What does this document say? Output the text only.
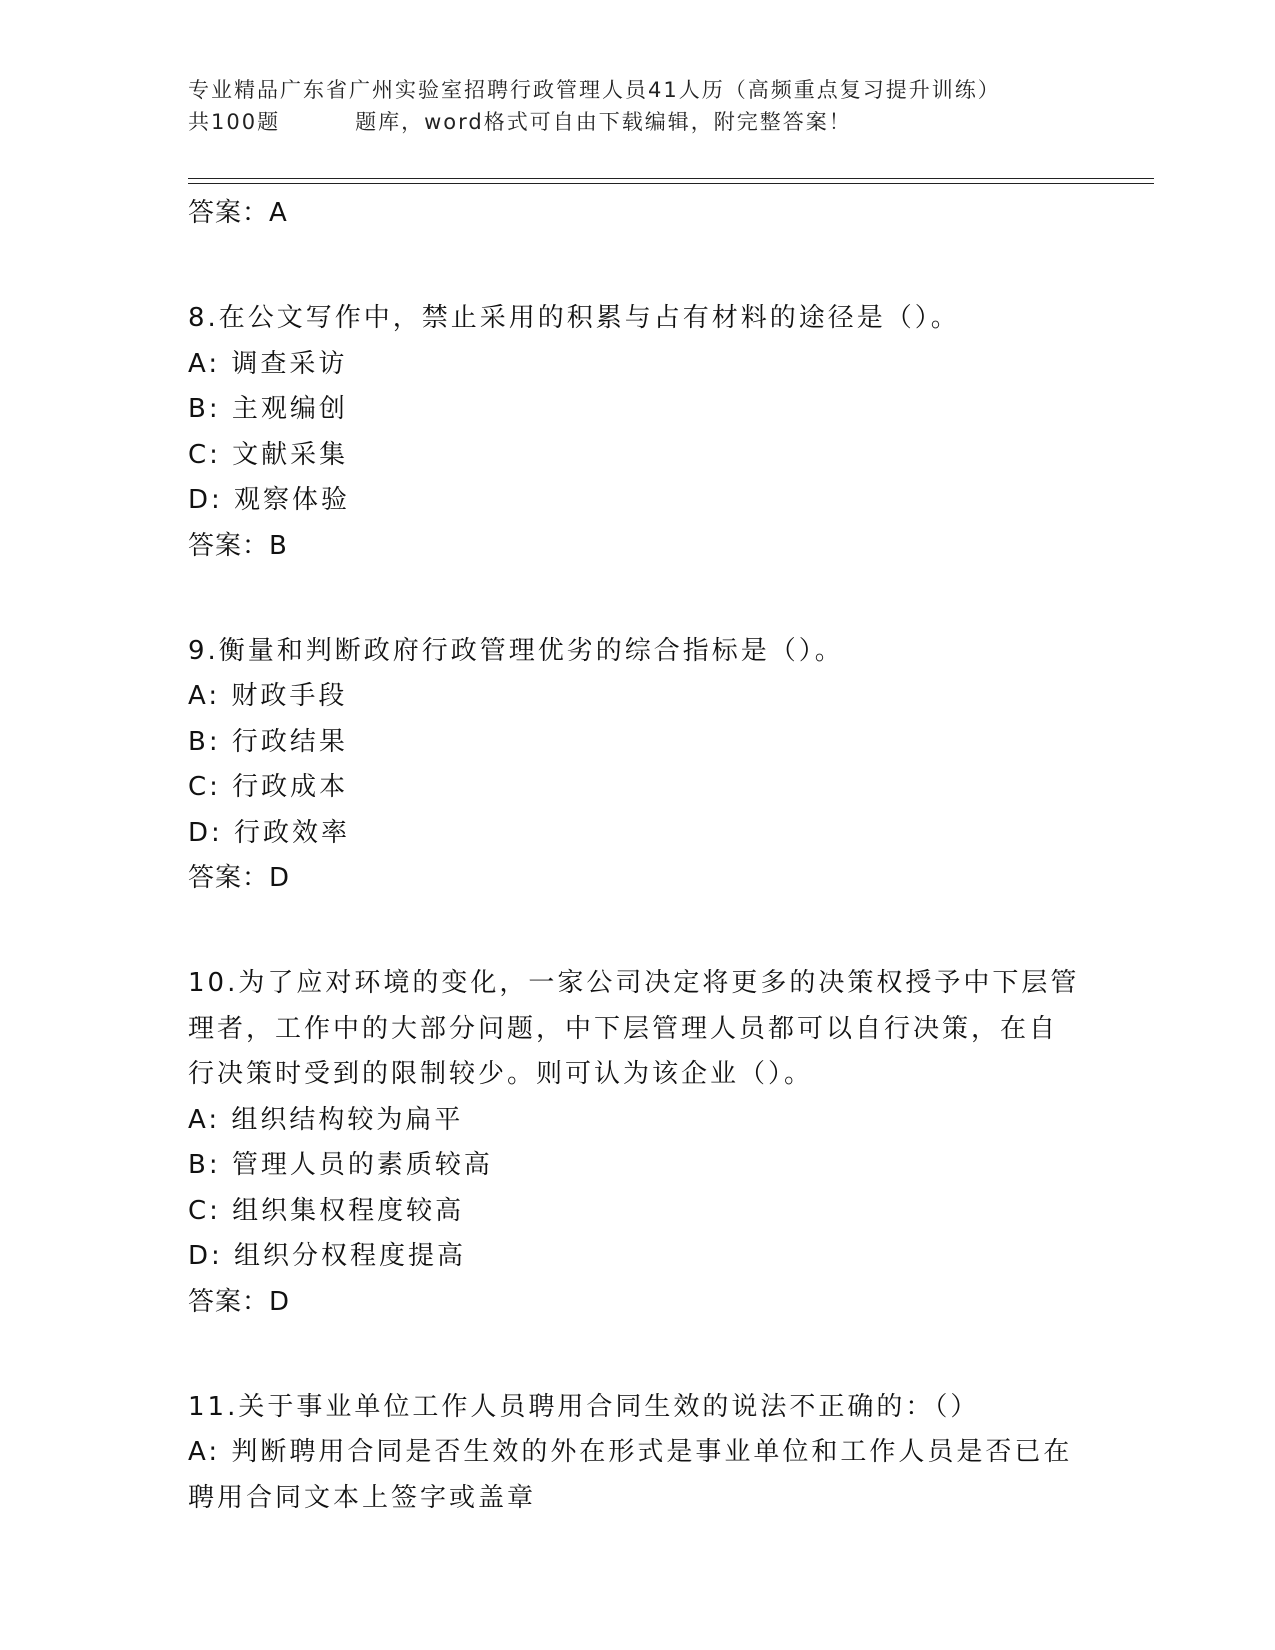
专业精品广东省广州实验室招聘行政管理人员41人历（高频重点复习提升训练）
共100题	题库，word格式可自由下载编辑，附完整答案！
答案：A
8.在公文写作中，禁止采用的积累与占有材料的途径是（）。
A: 调查采访
B: 主观编创
C: 文献采集
D: 观察体验
答案：B
9.衡量和判断政府行政管理优劣的综合指标是（）。
A: 财政手段
B: 行政结果
C: 行政成本
D: 行政效率
答案：D
10.为了应对环境的变化，一家公司决定将更多的决策权授予中下层管
理者，工作中的大部分问题，中下层管理人员都可以自行决策，在自
行决策时受到的限制较少。则可认为该企业（）。
A: 组织结构较为扁平
B: 管理人员的素质较高
C: 组织集权程度较高
D: 组织分权程度提高
答案：D
11.关于事业单位工作人员聘用合同生效的说法不正确的：（）
A: 判断聘用合同是否生效的外在形式是事业单位和工作人员是否已在
聘用合同文本上签字或盖章
